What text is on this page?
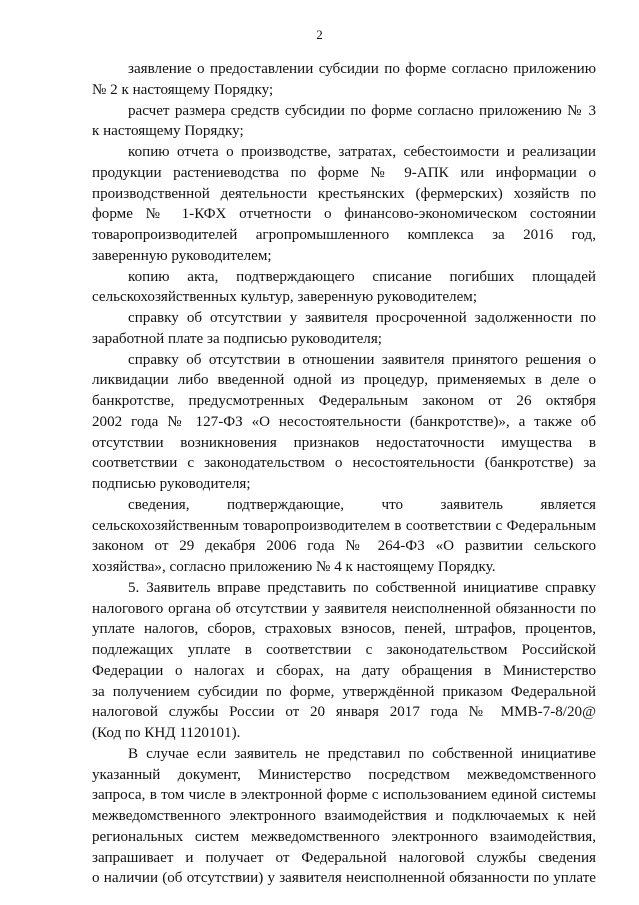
2
заявление о предоставлении субсидии по форме согласно приложению
№ 2 к настоящему Порядку;
расчет размера средств субсидии по форме согласно приложению № 3
к настоящему Порядку;
копию отчета о производстве, затратах, себестоимости и реализации
продукции растениеводства по форме № 9-АПК или информации о
производственной деятельности крестьянских (фермерских) хозяйств по
форме № 1-КФХ отчетности о финансово-экономическом состоянии
товаропроизводителей агропромышленного комплекса за 2016 год,
заверенную руководителем;
копию акта, подтверждающего списание погибших площадей
сельскохозяйственных культур, заверенную руководителем;
справку об отсутствии у заявителя просроченной задолженности по
заработной плате за подписью руководителя;
справку об отсутствии в отношении заявителя принятого решения о
ликвидации либо введенной одной из процедур, применяемых в деле о
банкротстве, предусмотренных Федеральным законом от 26 октября
2002 года № 127-ФЗ «О несостоятельности (банкротстве)», а также об
отсутствии возникновения признаков недостаточности имущества в
соответствии с законодательством о несостоятельности (банкротстве) за
подписью руководителя;
сведения, подтверждающие, что заявитель является
сельскохозяйственным товаропроизводителем в соответствии с Федеральным
законом от 29 декабря 2006 года № 264-ФЗ «О развитии сельского
хозяйства», согласно приложению № 4 к настоящему Порядку.
5. Заявитель вправе представить по собственной инициативе справку
налогового органа об отсутствии у заявителя неисполненной обязанности по
уплате налогов, сборов, страховых взносов, пеней, штрафов, процентов,
подлежащих уплате в соответствии с законодательством Российской
Федерации о налогах и сборах, на дату обращения в Министерство
за получением субсидии по форме, утверждённой приказом Федеральной
налоговой службы России от 20 января 2017 года № ММВ-7-8/20@
(Код по КНД 1120101).
В случае если заявитель не представил по собственной инициативе
указанный документ, Министерство посредством межведомственного
запроса, в том числе в электронной форме с использованием единой системы
межведомственного электронного взаимодействия и подключаемых к ней
региональных систем межведомственного электронного взаимодействия,
запрашивает и получает от Федеральной налоговой службы сведения
о наличии (об отсутствии) у заявителя неисполненной обязанности по уплате
